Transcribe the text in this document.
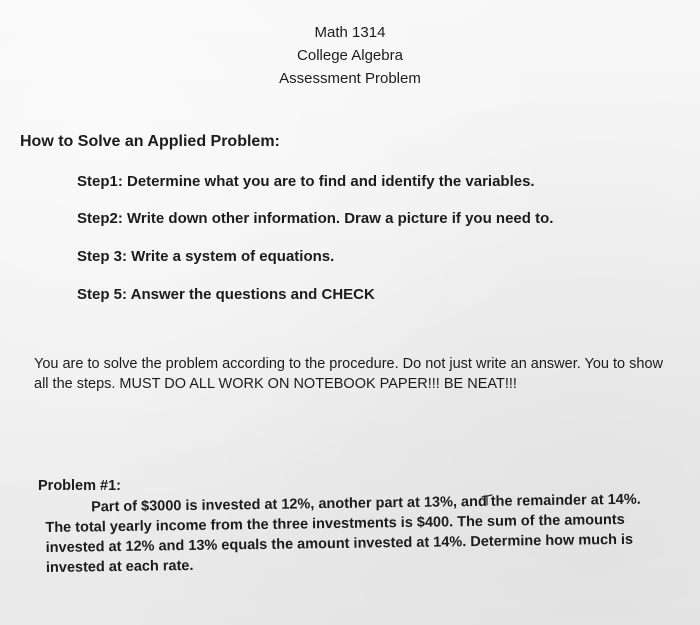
Math 1314
College Algebra
Assessment Problem
How to Solve an Applied Problem:
Step1: Determine what you are to find and identify the variables.
Step2: Write down other information. Draw a picture if you need to.
Step 3: Write a system of equations.
Step 5: Answer the questions and CHECK
You are to solve the problem according to the procedure. Do not just write an answer. You to show all the steps. MUST DO ALL WORK ON NOTEBOOK PAPER!!! BE NEAT!!!
Problem #1:
Part of $3000 is invested at 12%, another part at 13%, and the remainder at 14%. The total yearly income from the three investments is $400. The sum of the amounts invested at 12% and 13% equals the amount invested at 14%. Determine how much is invested at each rate.
